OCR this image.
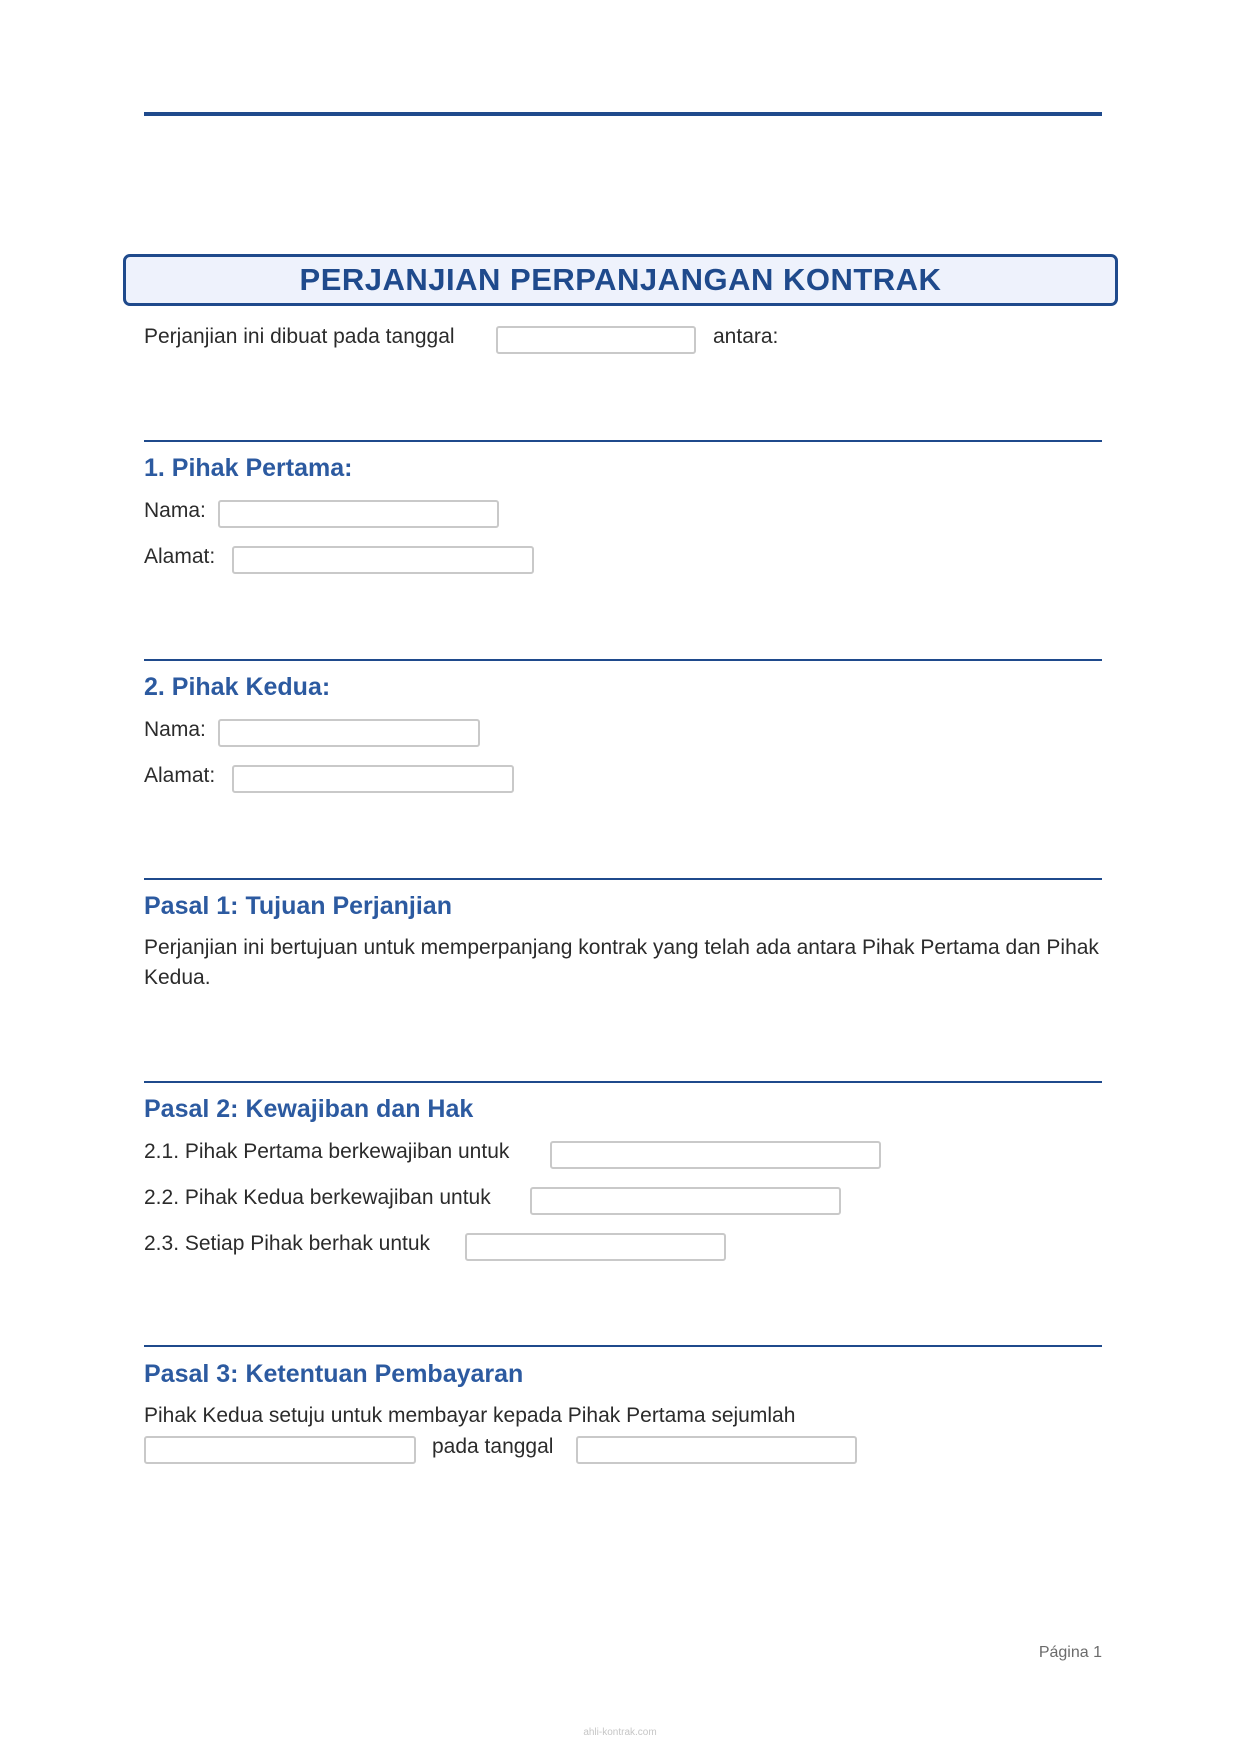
PERJANJIAN PERPANJANGAN KONTRAK
Perjanjian ini dibuat pada tanggal	antara:
1. Pihak Pertama:
Nama:
Alamat:
2. Pihak Kedua:
Nama:
Alamat:
Pasal 1: Tujuan Perjanjian
Perjanjian ini bertujuan untuk memperpanjang kontrak yang telah ada antara Pihak Pertama dan Pihak Kedua.
Pasal 2: Kewajiban dan Hak
2.1. Pihak Pertama berkewajiban untuk
2.2. Pihak Kedua berkewajiban untuk
2.3. Setiap Pihak berhak untuk
Pasal 3: Ketentuan Pembayaran
Pihak Kedua setuju untuk membayar kepada Pihak Pertama sejumlah
pada tanggal
Página 1
ahli-kontrak.com
